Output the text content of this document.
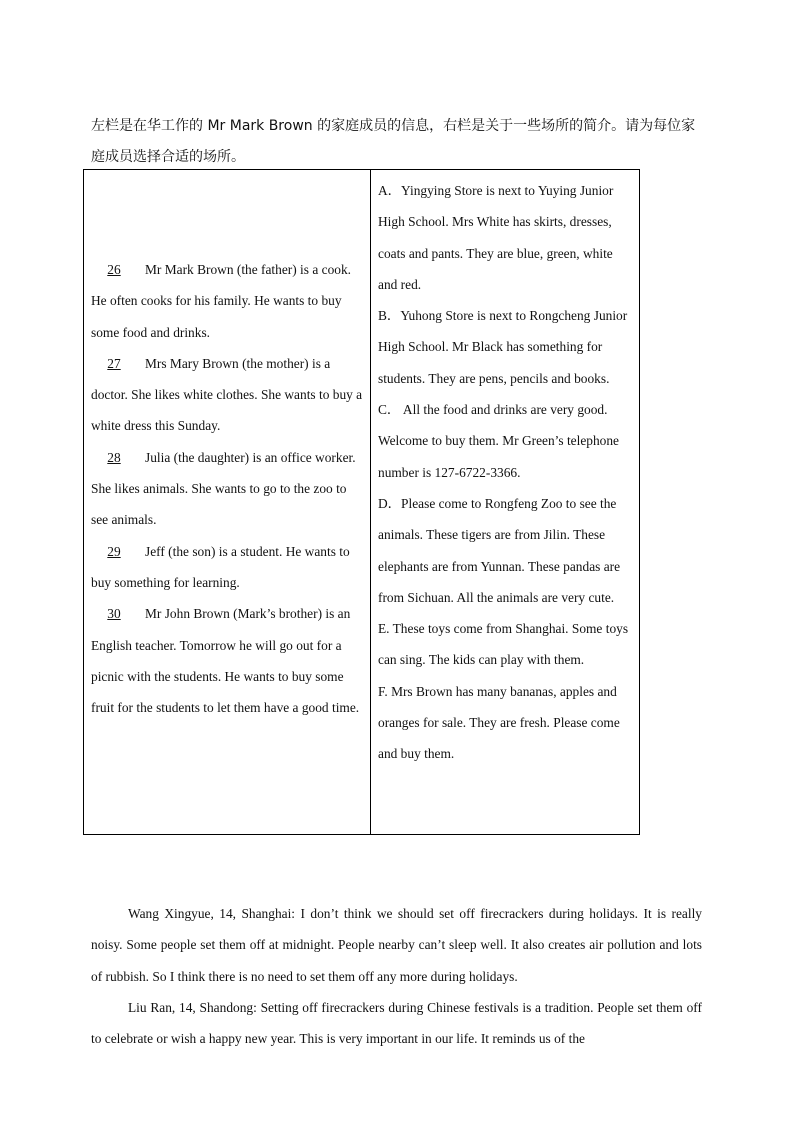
左栏是在华工作的 Mr Mark Brown 的家庭成员的信息，右栏是关于一些场所的简介。请为每位家庭成员选择合适的场所。

26 Mr Mark Brown (the father) is a cook. He often cooks for his family. He wants to buy some food and drinks.

27 Mrs Mary Brown (the mother) is a doctor. She likes white clothes. She wants to buy a white dress this Sunday.

28 Julia (the daughter) is an office worker. She likes animals. She wants to go to the zoo to see animals.

29 Jeff (the son) is a student. He wants to buy something for learning.

30 Mr John Brown (Mark’s brother) is an English teacher. Tomorrow he will go out for a picnic with the students. He wants to buy some fruit for the students to let them have a good time.

A．Yingying Store is next to Yuying Junior High School. Mrs White has skirts, dresses, coats and pants. They are blue, green, white and red.

B．Yuhong Store is next to Rongcheng Junior High School. Mr Black has something for students. They are pens, pencils and books.

C． All the food and drinks are very good. Welcome to buy them. Mr Green’s telephone number is 127-6722-3366.

D．Please come to Rongfeng Zoo to see the animals. These tigers are from Jilin. These elephants are from Yunnan. These pandas are from Sichuan. All the animals are very cute.

E. These toys come from Shanghai. Some toys can sing. The kids can play with them.

F. Mrs Brown has many bananas, apples and oranges for sale. They are fresh. Please come and buy them.

Wang Xingyue, 14, Shanghai: I don’t think we should set off firecrackers during holidays. It is really noisy. Some people set them off at midnight. People nearby can’t sleep well. It also creates air pollution and lots of rubbish. So I think there is no need to set them off any more during holidays.

Liu Ran, 14, Shandong: Setting off firecrackers during Chinese festivals is a tradition. People set them off to celebrate or wish a happy new year. This is very important in our life. It reminds us of the
